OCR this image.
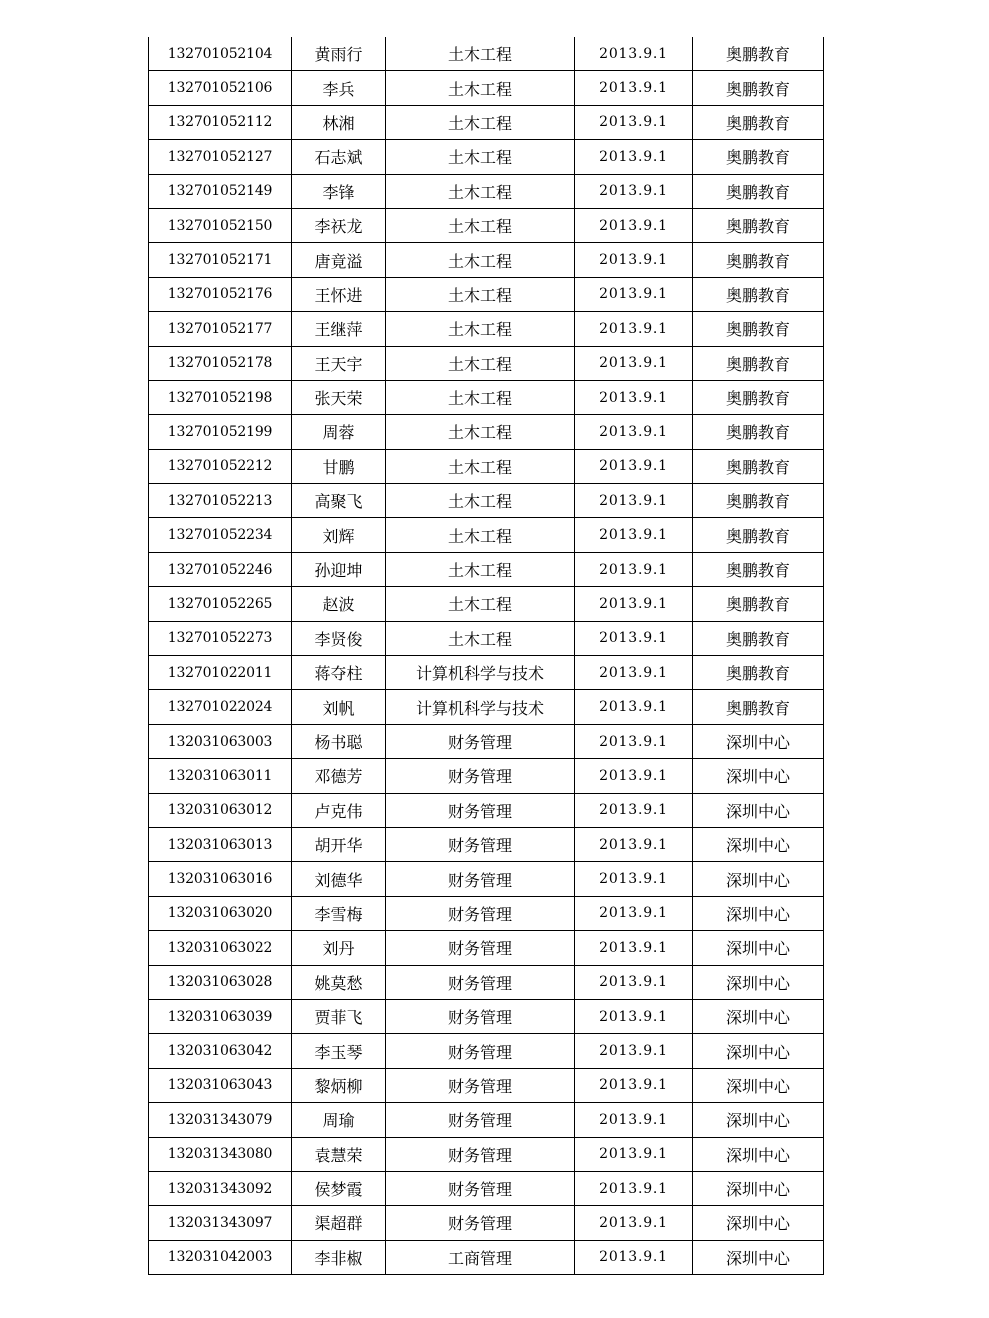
132701052104	黄雨行	土木工程	2013.9.1	奥鹏教育
132701052106	李兵	土木工程	2013.9.1	奥鹏教育
132701052112	林湘	土木工程	2013.9.1	奥鹏教育
132701052127	石志斌	土木工程	2013.9.1	奥鹏教育
132701052149	李锋	土木工程	2013.9.1	奥鹏教育
132701052150	李祆龙	土木工程	2013.9.1	奥鹏教育
132701052171	唐竟溢	土木工程	2013.9.1	奥鹏教育
132701052176	王怀进	土木工程	2013.9.1	奥鹏教育
132701052177	王继萍	土木工程	2013.9.1	奥鹏教育
132701052178	王天宇	土木工程	2013.9.1	奥鹏教育
132701052198	张天荣	土木工程	2013.9.1	奥鹏教育
132701052199	周蓉	土木工程	2013.9.1	奥鹏教育
132701052212	甘鹏	土木工程	2013.9.1	奥鹏教育
132701052213	高聚飞	土木工程	2013.9.1	奥鹏教育
132701052234	刘辉	土木工程	2013.9.1	奥鹏教育
132701052246	孙迎坤	土木工程	2013.9.1	奥鹏教育
132701052265	赵波	土木工程	2013.9.1	奥鹏教育
132701052273	李贤俊	土木工程	2013.9.1	奥鹏教育
132701022011	蒋夺柱	计算机科学与技术	2013.9.1	奥鹏教育
132701022024	刘帆	计算机科学与技术	2013.9.1	奥鹏教育
132031063003	杨书聪	财务管理	2013.9.1	深圳中心
132031063011	邓德芳	财务管理	2013.9.1	深圳中心
132031063012	卢克伟	财务管理	2013.9.1	深圳中心
132031063013	胡开华	财务管理	2013.9.1	深圳中心
132031063016	刘德华	财务管理	2013.9.1	深圳中心
132031063020	李雪梅	财务管理	2013.9.1	深圳中心
132031063022	刘丹	财务管理	2013.9.1	深圳中心
132031063028	姚莫愁	财务管理	2013.9.1	深圳中心
132031063039	贾菲飞	财务管理	2013.9.1	深圳中心
132031063042	李玉琴	财务管理	2013.9.1	深圳中心
132031063043	黎炳柳	财务管理	2013.9.1	深圳中心
132031343079	周瑜	财务管理	2013.9.1	深圳中心
132031343080	袁慧荣	财务管理	2013.9.1	深圳中心
132031343092	侯梦霞	财务管理	2013.9.1	深圳中心
132031343097	渠超群	财务管理	2013.9.1	深圳中心
132031042003	李非椒	工商管理	2013.9.1	深圳中心
